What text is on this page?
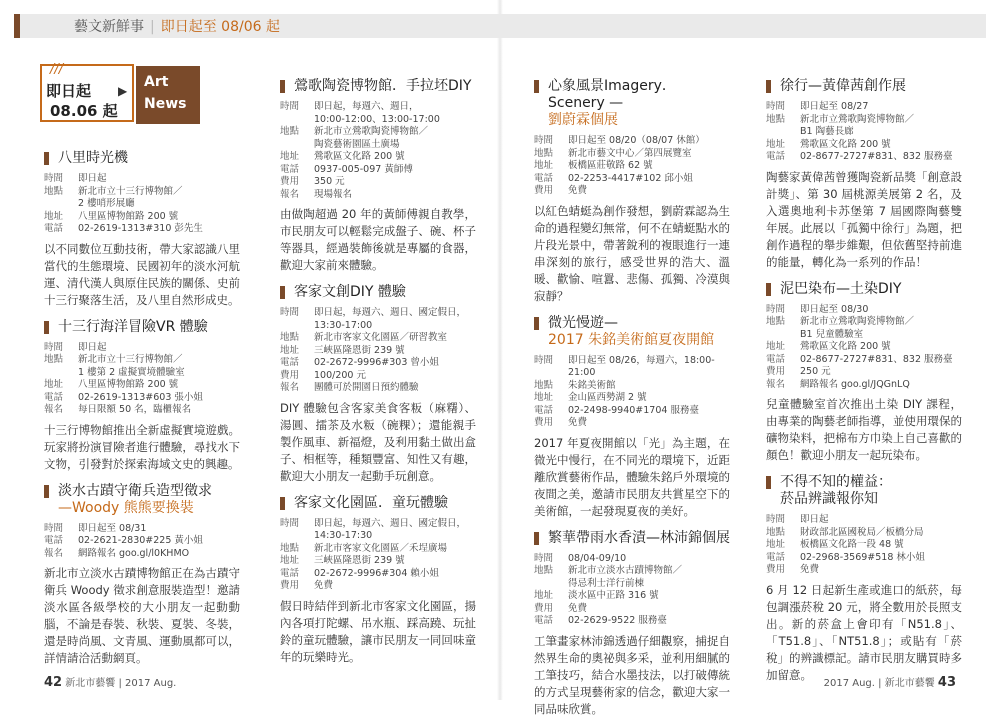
藝文新鮮事 | 即日起至 08/06 起
///
即日起 ▶
08.06 起
Art
News
八里時光機
時間	即日起
地點	新北市立十三行博物館／
2 樓哨形展廳
地址	八里區博物館路 200 號
電話	02-2619-1313#310 彭先生
以不同數位互動技術，帶大家認識八里當代的生態環境、民國初年的淡水河航運、清代漢人與原住民族的關係、史前十三行聚落生活，及八里自然形成史。
十三行海洋冒險VR 體驗
時間	即日起
地點	新北市立十三行博物館／
1 樓第 2 虛擬實境體驗室
地址	八里區博物館路 200 號
電話	02-2619-1313#603 張小姐
報名	每日限額 50 名，臨櫃報名
十三行博物館推出全新虛擬實境遊戲。玩家將扮演冒險者進行體驗，尋找水下文物，引發對於探索海域文史的興趣。
淡水古蹟守衛兵造型徵求
—Woody 熊熊要換裝
時間	即日起至 08/31
電話	02-2621-2830#225 黃小姐
報名	網路報名 goo.gl/l0KHMO
新北市立淡水古蹟博物館正在為古蹟守衛兵 Woody 徵求創意服裝造型！邀請淡水區各級學校的大小朋友一起動動腦，不論是春裝、秋裝、夏裝、冬裝，還是時尚風、文青風、運動風都可以，詳情請洽活動網頁。
鶯歌陶瓷博物館．手拉坯DIY
時間	即日起，每週六、週日，
10:00-12:00、13:00-17:00
地點	新北市立鶯歌陶瓷博物館／
陶瓷藝術園區土廣場
地址	鶯歌區文化路 200 號
電話	0937-005-097 黃師傅
費用	350 元
報名	現場報名
由做陶超過 20 年的黃師傅親自教學，市民朋友可以輕鬆完成盤子、碗、杯子等器具，經過裝飾後就是專屬的食器，歡迎大家前來體驗。
客家文創DIY 體驗
時間	即日起，每週六、週日、國定假日，
13:30-17:00
地點	新北市客家文化園區／研習教室
地址	三峽區隆恩街 239 號
電話	02-2672-9996#303 曾小姐
費用	100/200 元
報名	團體可於開園日預約體驗
DIY 體驗包含客家美食客粄（麻糬）、湯圓、擂茶及水粄（碗粿）；還能親手製作風車、新福燈，及利用黏土做出盒子、相框等，種類豐富、知性又有趣，歡迎大小朋友一起動手玩創意。
客家文化園區．童玩體驗
時間	即日起，每週六、週日、國定假日，
14:30-17:30
地點	新北市客家文化園區／禾埕廣場
地址	三峽區隆恩街 239 號
電話	02-2672-9996#304 賴小姐
費用	免費
假日時結伴到新北市客家文化園區，揚內各項打陀螺、吊水瓶、踩高蹺、玩扯鈴的童玩體驗，讓市民朋友一同回味童年的玩樂時光。
心象風景Imagery．Scenery —
劉蔚霖個展
時間	即日起至 08/20（08/07 休館）
地點	新北市藝文中心／第四展覽室
地址	板橋區莊敬路 62 號
電話	02-2253-4417#102 邱小姐
費用	免費
以紅色蜻蜓為創作發想，劉蔚霖認為生命的過程變幻無常，何不在蜻蜓點水的片段光景中，帶著銳利的複眼進行一連串深刻的旅行，感受世界的浩大、溫暖、歡愉、喧囂、悲傷、孤獨、冷漠與寂靜？
微光慢遊—
2017 朱銘美術館夏夜開館
時間	即日起至 08/26，每週六，18:00-21:00
地點	朱銘美術館
地址	金山區西勢湖 2 號
電話	02-2498-9940#1704 服務臺
費用	免費
2017 年夏夜開館以「光」為主題，在微光中慢行，在不同光的環境下，近距離欣賞藝術作品，體驗朱銘戶外環境的夜間之美，邀請市民朋友共賞星空下的美術館，一起發現夏夜的美好。
繁華帶雨水香漬—林沛錦個展
時間	08/04-09/10
地點	新北市立淡水古蹟博物館／
得忌利士洋行前棟
地址	淡水區中正路 316 號
費用	免費
電話	02-2629-9522 服務臺
工筆畫家林沛錦透過仔細觀察，捕捉自然界生命的奧祕與多采，並利用細膩的工筆技巧，結合水墨技法，以打破傳統的方式呈現藝術家的信念，歡迎大家一同品味欣賞。
徐行—黃偉茜創作展
時間	即日起至 08/27
地點	新北市立鶯歌陶瓷博物館／
B1 陶藝長廊
地址	鶯歌區文化路 200 號
電話	02-8677-2727#831、832 服務臺
陶藝家黃偉茜曾獲陶瓷新品獎「創意設計獎」、第 30 屆桃源美展第 2 名，及入選奧地利卡苏堡第 7 屆國際陶藝雙年展。此展以「孤獨中徐行」為題，把創作過程的舉步維艱，但依舊堅持前進的能量，轉化為一系列的作品！
泥巴染布—土染DIY
時間	即日起至 08/30
地點	新北市立鶯歌陶瓷博物館／
B1 兒童體驗室
地址	鶯歌區文化路 200 號
電話	02-8677-2727#831、832 服務臺
費用	250 元
報名	網路報名 goo.gl/JQGnLQ
兒童體驗室首次推出土染 DIY 課程，由專業的陶藝老師指導，並使用環保的礦物染料，把棉布方巾染上自己喜歡的顏色！歡迎小朋友一起玩染布。
不得不知的權益：
菸品辨識報你知
時間	即日起
地點	財政部北區國稅局／板橋分局
地址	板橋區文化路一段 48 號
電話	02-2968-3569#518 林小姐
費用	免費
6 月 12 日起新生產或進口的紙菸，每包調漲菸稅 20 元，將全數用於長照支出。新的菸盒上會印有「N51.8」、「T51.8」、「NT51.8」；或貼有「菸稅」的辨識標記。請市民朋友購買時多加留意。
42 新北市藝饗 | 2017 Aug.	2017 Aug. | 新北市藝饗 43
